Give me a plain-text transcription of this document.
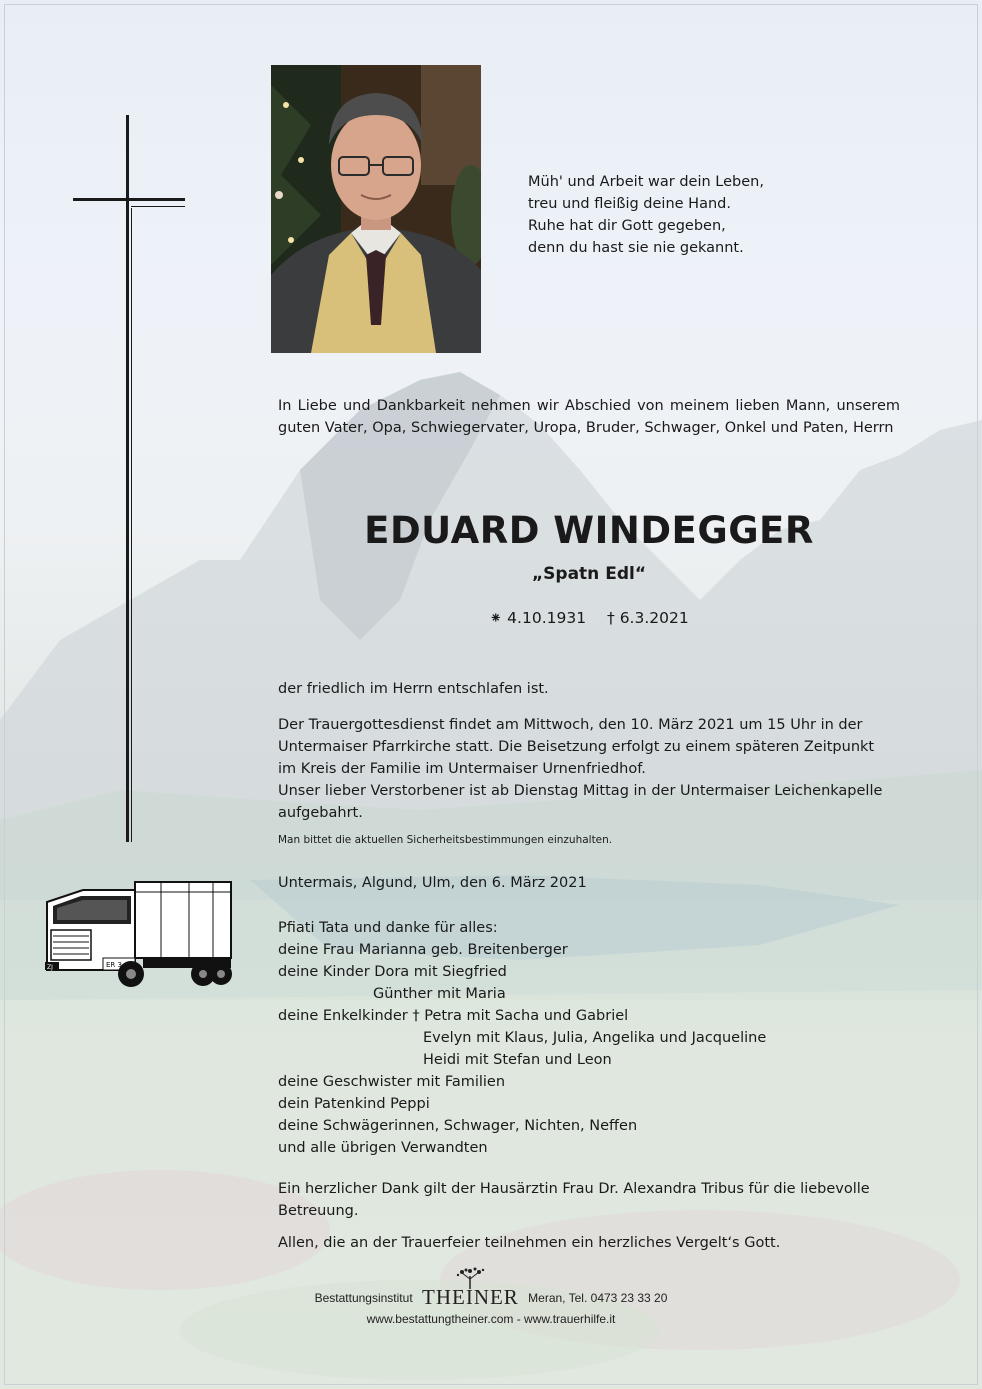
Müh' und Arbeit war dein Leben,
treu und fleißig deine Hand.
Ruhe hat dir Gott gegeben,
denn du hast sie nie gekannt.
In Liebe und Dankbarkeit nehmen wir Abschied von meinem lieben Mann, unserem guten Vater, Opa, Schwiegervater, Uropa, Bruder, Schwager, Onkel und Paten, Herrn
EDUARD WINDEGGER
„Spatn Edl“
⁕ 4.10.1931 † 6.3.2021
der friedlich im Herrn entschlafen ist.
Der Trauergottesdienst findet am Mittwoch, den 10. März 2021 um 15 Uhr in der
Untermaiser Pfarrkirche statt. Die Beisetzung erfolgt zu einem späteren Zeitpunkt
im Kreis der Familie im Untermaiser Urnenfriedhof.
Unser lieber Verstorbener ist ab Dienstag Mittag in der Untermaiser Leichenkapelle
aufgebahrt.
Man bittet die aktuellen Sicherheitsbestimmungen einzuhalten.
Untermais, Algund, Ulm, den 6. März 2021
ZJ	ER 3
Pfiati Tata und danke für alles:
deine Frau Marianna geb. Breitenberger
deine Kinder Dora mit Siegfried
Günther mit Maria
deine Enkelkinder † Petra mit Sacha und Gabriel
Evelyn mit Klaus, Julia, Angelika und Jacqueline
Heidi mit Stefan und Leon
deine Geschwister mit Familien
dein Patenkind Peppi
deine Schwägerinnen, Schwager, Nichten, Neffen
und alle übrigen Verwandten
Ein herzlicher Dank gilt der Hausärztin Frau Dr. Alexandra Tribus für die liebevolle Betreuung.
Allen, die an der Trauerfeier teilnehmen ein herzliches Vergelt‘s Gott.
Bestattungsinstitut THEINER Meran, Tel. 0473 23 33 20
www.bestattungtheiner.com - www.trauerhilfe.it
